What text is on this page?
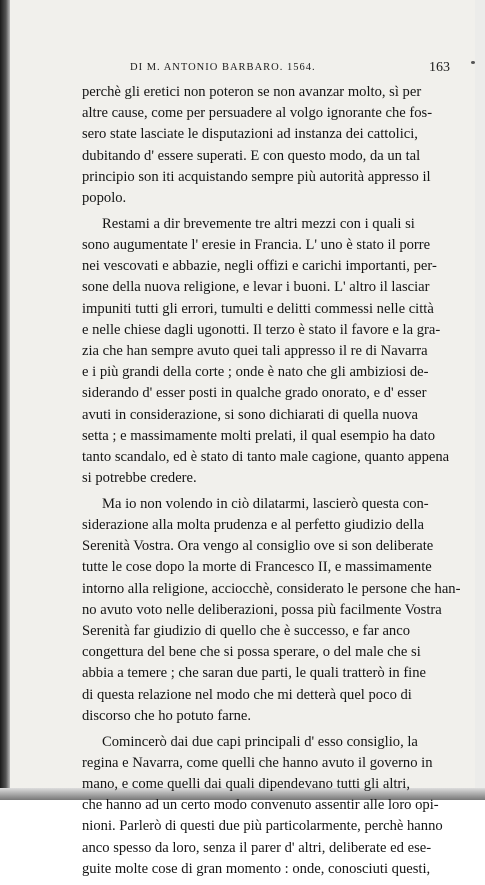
DI M. ANTONIO BARBARO. 1564.	163
perchè gli eretici non poteron se non avanzar molto, sì per
altre cause, come per persuadere al volgo ignorante che fos-
sero state lasciate le disputazioni ad instanza dei cattolici,
dubitando d' essere superati. E con questo modo, da un tal
principio son iti acquistando sempre più autorità appresso il
popolo.
Restami a dir brevemente tre altri mezzi con i quali si
sono augumentate l' eresie in Francia. L' uno è stato il porre
nei vescovati e abbazie, negli offizi e carichi importanti, per-
sone della nuova religione, e levar i buoni. L' altro il lasciar
impuniti tutti gli errori, tumulti e delitti commessi nelle città
e nelle chiese dagli ugonotti. Il terzo è stato il favore e la gra-
zia che han sempre avuto quei tali appresso il re di Navarra
e i più grandi della corte ; onde è nato che gli ambiziosi de-
siderando d' esser posti in qualche grado onorato, e d' esser
avuti in considerazione, si sono dichiarati di quella nuova
setta ; e massimamente molti prelati, il qual esempio ha dato
tanto scandalo, ed è stato di tanto male cagione, quanto appena
si potrebbe credere.
Ma io non volendo in ciò dilatarmi, lascierò questa con-
siderazione alla molta prudenza e al perfetto giudizio della
Serenità Vostra. Ora vengo al consiglio ove si son deliberate
tutte le cose dopo la morte di Francesco II, e massimamente
intorno alla religione, acciocchè, considerato le persone che han-
no avuto voto nelle deliberazioni, possa più facilmente Vostra
Serenità far giudizio di quello che è successo, e far anco
congettura del bene che si possa sperare, o del male che si
abbia a temere ; che saran due parti, le quali tratterò in fine
di questa relazione nel modo che mi detterà quel poco di
discorso che ho potuto farne.
Comincerò dai due capi principali d' esso consiglio, la
regina e Navarra, come quelli che hanno avuto il governo in
mano, e come quelli dai quali dipendevano tutti gli altri,
che hanno ad un certo modo convenuto assentir alle loro opi-
nioni. Parlerò di questi due più particolarmente, perchè hanno
anco spesso da loro, senza il parer d' altri, deliberate ed ese-
guite molte cose di gran momento : onde, conosciuti questi,
